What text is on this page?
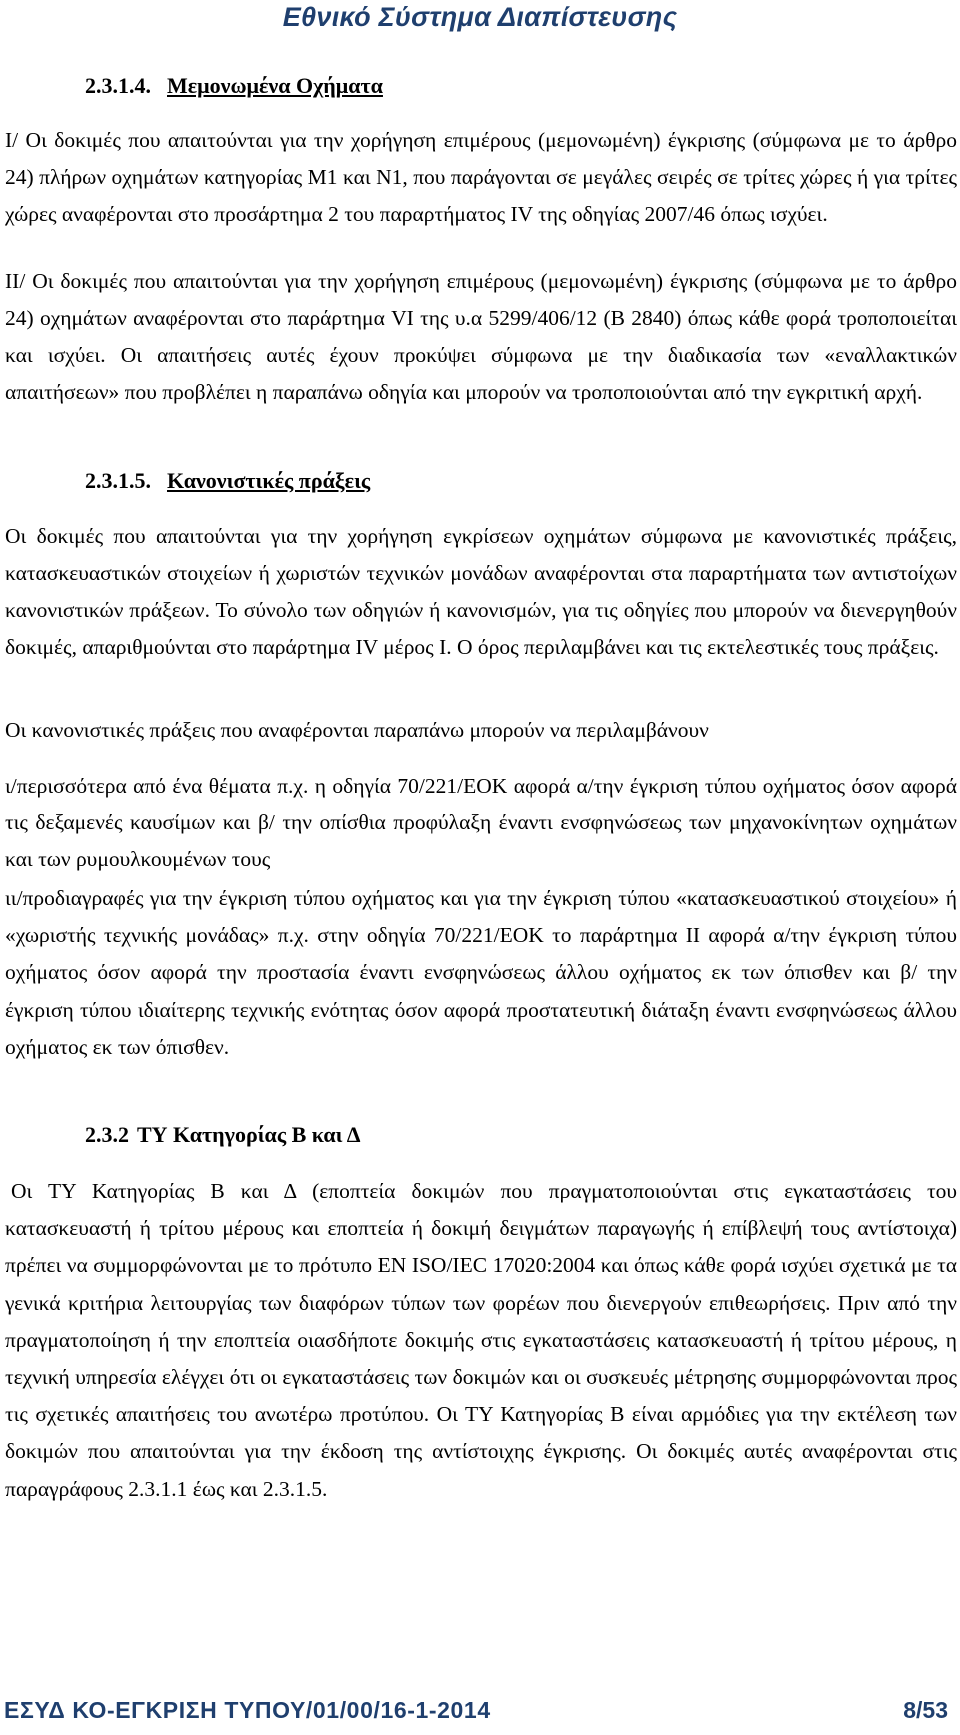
Εθνικό Σύστημα Διαπίστευσης
2.3.1.4. Μεμονωμένα Οχήματα
Ι/ Οι δοκιμές που απαιτούνται για την χορήγηση επιμέρους (μεμονωμένη) έγκρισης (σύμφωνα με το άρθρο 24) πλήρων οχημάτων κατηγορίας Μ1 και Ν1, που παράγονται σε μεγάλες σειρές σε τρίτες χώρες ή για τρίτες χώρες αναφέρονται στο προσάρτημα 2 του παραρτήματος IV της οδηγίας 2007/46 όπως ισχύει.
ΙΙ/ Οι δοκιμές που απαιτούνται για την χορήγηση επιμέρους (μεμονωμένη) έγκρισης (σύμφωνα με το άρθρο 24) οχημάτων αναφέρονται στο παράρτημα VI της υ.α 5299/406/12 (Β 2840) όπως κάθε φορά τροποποιείται και ισχύει. Οι απαιτήσεις αυτές έχουν προκύψει σύμφωνα με την διαδικασία των «εναλλακτικών απαιτήσεων» που προβλέπει η παραπάνω οδηγία και μπορούν να τροποποιούνται από την εγκριτική αρχή.
2.3.1.5. Κανονιστικές πράξεις
Οι δοκιμές που απαιτούνται για την χορήγηση εγκρίσεων οχημάτων σύμφωνα με κανονιστικές πράξεις, κατασκευαστικών στοιχείων ή χωριστών τεχνικών μονάδων αναφέρονται στα παραρτήματα των αντιστοίχων κανονιστικών πράξεων. Το σύνολο των οδηγιών ή κανονισμών, για τις οδηγίες που μπορούν να διενεργηθούν δοκιμές, απαριθμούνται στο παράρτημα IV μέρος Ι. Ο όρος περιλαμβάνει και τις εκτελεστικές τους πράξεις.
Οι κανονιστικές πράξεις που αναφέρονται παραπάνω μπορούν να περιλαμβάνουν
ι/περισσότερα από ένα θέματα π.χ. η οδηγία 70/221/ΕΟΚ αφορά α/την έγκριση τύπου οχήματος όσον αφορά τις δεξαμενές καυσίμων και β/ την οπίσθια προφύλαξη έναντι ενσφηνώσεως των μηχανοκίνητων οχημάτων και των ρυμουλκουμένων τους
ιι/προδιαγραφές για την έγκριση τύπου οχήματος και για την έγκριση τύπου «κατασκευαστικού στοιχείου» ή «χωριστής τεχνικής μονάδας» π.χ. στην οδηγία 70/221/ΕΟΚ το παράρτημα ΙΙ αφορά α/την έγκριση τύπου οχήματος όσον αφορά την προστασία έναντι ενσφηνώσεως άλλου οχήματος εκ των όπισθεν και β/ την έγκριση τύπου ιδιαίτερης τεχνικής ενότητας όσον αφορά προστατευτική διάταξη έναντι ενσφηνώσεως άλλου οχήματος εκ των όπισθεν.
2.3.2 ΤΥ Κατηγορίας Β και Δ
Οι ΤΥ Κατηγορίας Β και Δ (εποπτεία δοκιμών που πραγματοποιούνται στις εγκαταστάσεις του κατασκευαστή ή τρίτου μέρους και εποπτεία ή δοκιμή δειγμάτων παραγωγής ή επίβλεψή τους αντίστοιχα) πρέπει να συμμορφώνονται με το πρότυπο EN ISO/IEC 17020:2004 και όπως κάθε φορά ισχύει σχετικά με τα γενικά κριτήρια λειτουργίας των διαφόρων τύπων των φορέων που διενεργούν επιθεωρήσεις. Πριν από την πραγματοποίηση ή την εποπτεία οιασδήποτε δοκιμής στις εγκαταστάσεις κατασκευαστή ή τρίτου μέρους, η τεχνική υπηρεσία ελέγχει ότι οι εγκαταστάσεις των δοκιμών και οι συσκευές μέτρησης συμμορφώνονται προς τις σχετικές απαιτήσεις του ανωτέρω προτύπου. Οι ΤΥ Κατηγορίας Β είναι αρμόδιες για την εκτέλεση των δοκιμών που απαιτούνται για την έκδοση της αντίστοιχης έγκρισης. Οι δοκιμές αυτές αναφέρονται στις παραγράφους 2.3.1.1 έως και 2.3.1.5.
ΕΣΥΔ ΚΟ-ΕΓΚΡΙΣΗ ΤΥΠΟΥ/01/00/16-1-2014	8/53
